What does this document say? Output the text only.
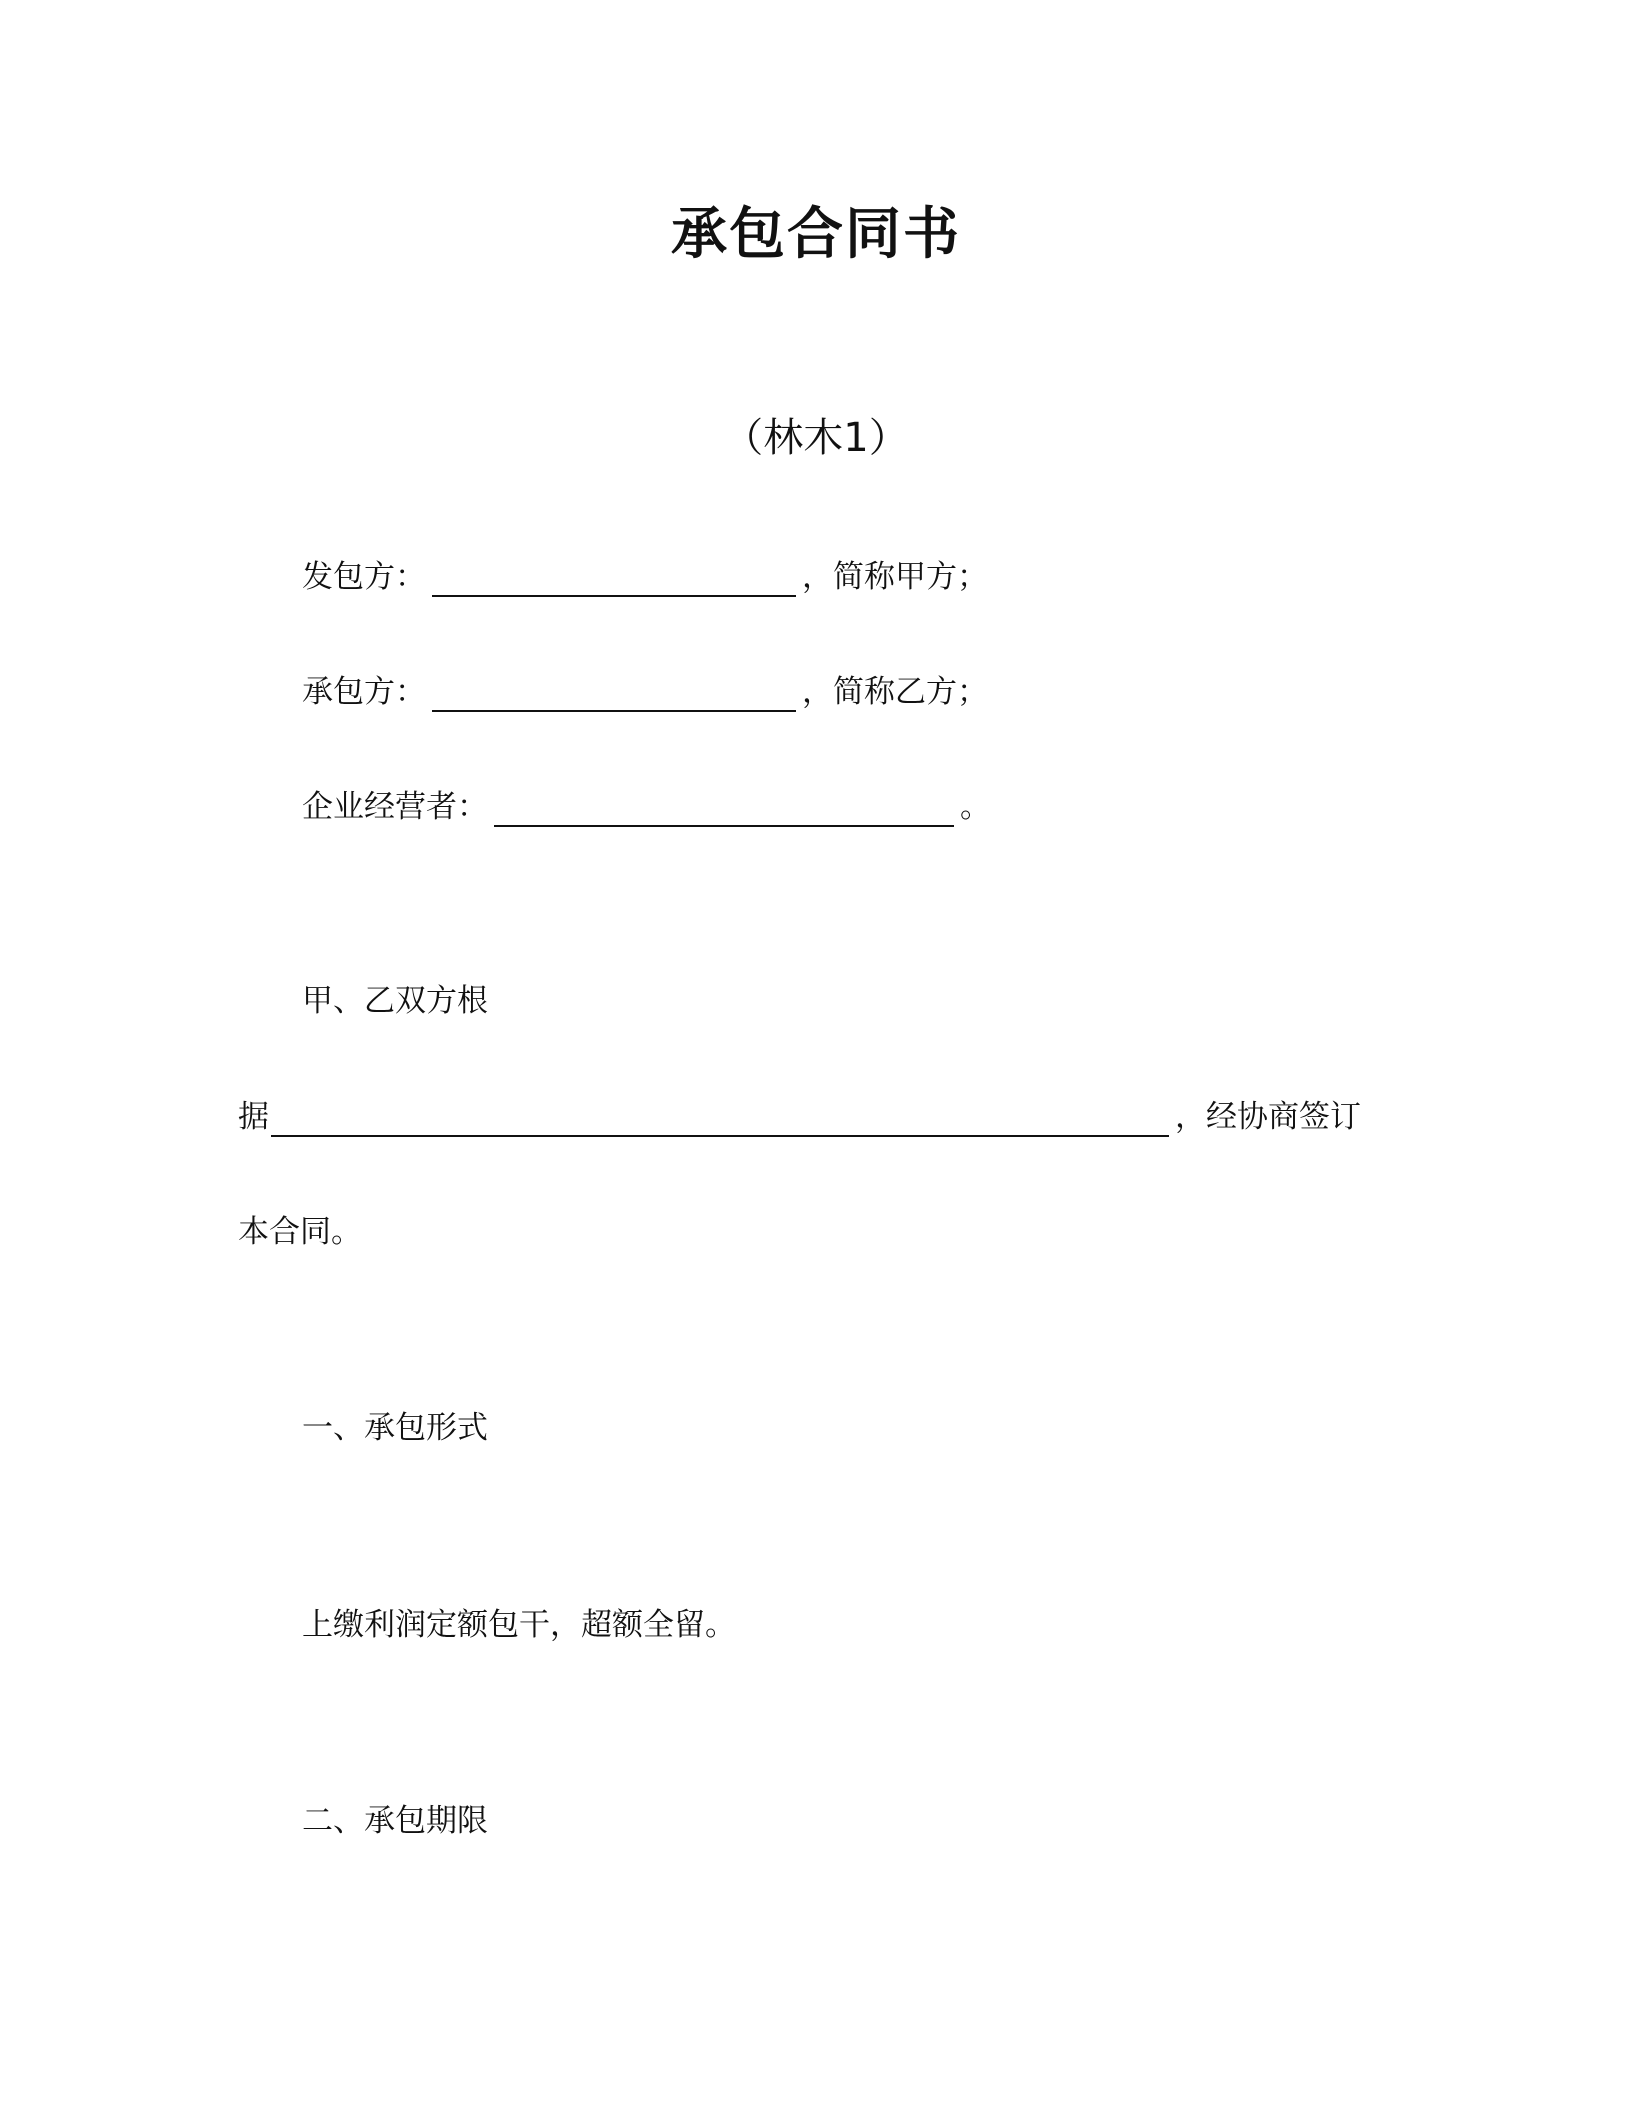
承包合同书
（林木1）
发包方：	，简称甲方；
承包方：	，简称乙方；
企业经营者：	。
甲、乙双方根
据	，经协商签订
本合同。
一、承包形式
上缴利润定额包干，超额全留。
二、承包期限
